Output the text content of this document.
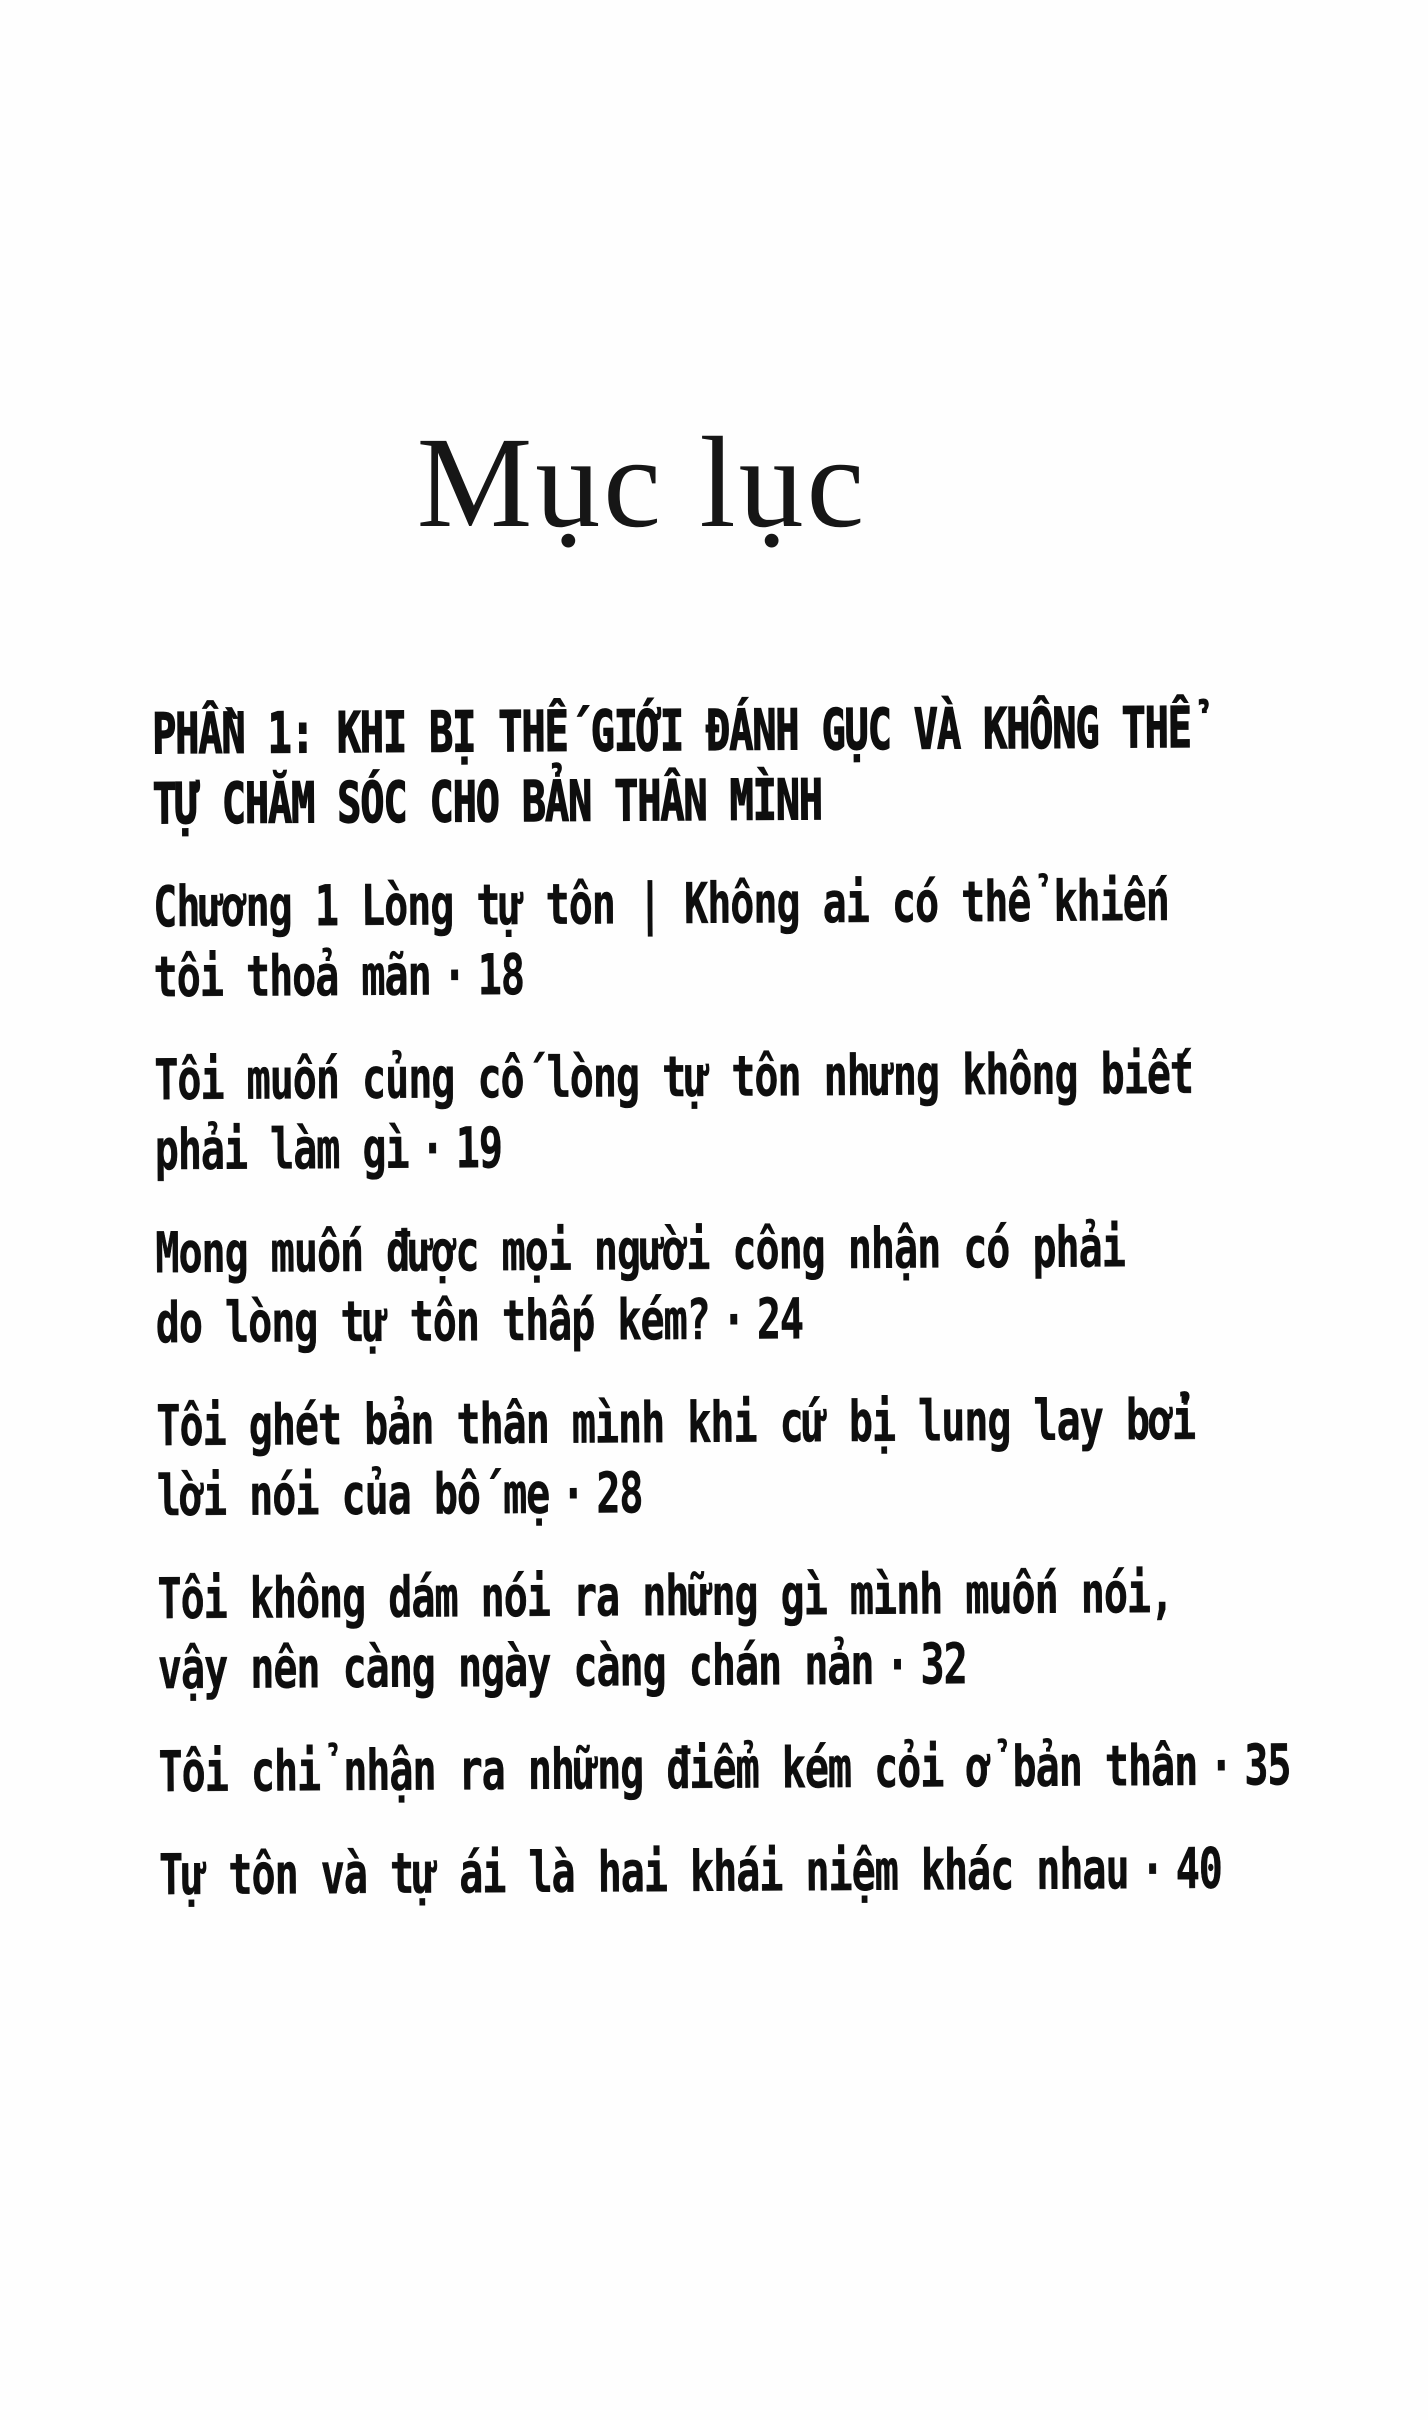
Mục lục

PHẦN 1: KHI BỊ THẾ GIỚI ĐÁNH GỤC VÀ KHÔNG THỂ
TỰ CHĂM SÓC CHO BẢN THÂN MÌNH

Chương 1 Lòng tự tôn | Không ai có thể khiến
tôi thoả mãn · 18

Tôi muốn củng cố lòng tự tôn nhưng không biết
phải làm gì · 19

Mong muốn được mọi người công nhận có phải
do lòng tự tôn thấp kém? · 24

Tôi ghét bản thân mình khi cứ bị lung lay bởi
lời nói của bố mẹ · 28

Tôi không dám nói ra những gì mình muốn nói,
vậy nên càng ngày càng chán nản · 32

Tôi chỉ nhận ra những điểm kém cỏi ở bản thân · 35

Tự tôn và tự ái là hai khái niệm khác nhau · 40
